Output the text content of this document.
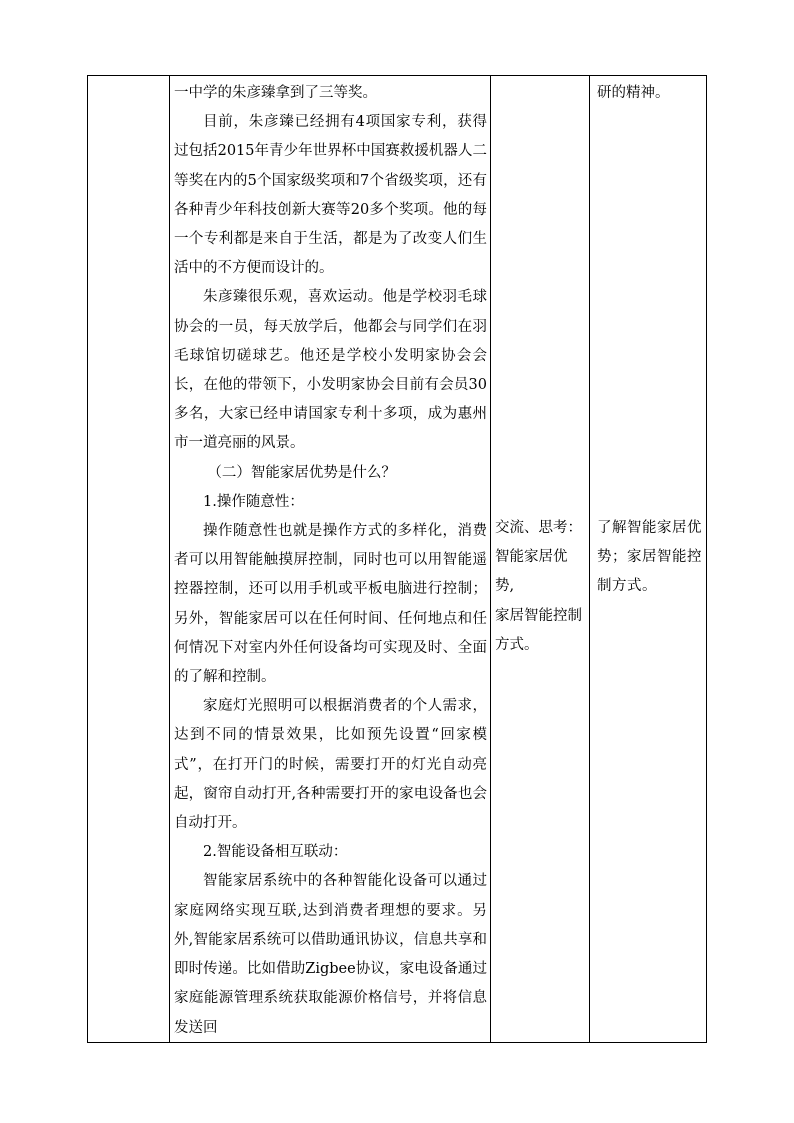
一中学的朱彦臻拿到了三等奖。

目前，朱彦臻已经拥有4项国家专利，获得过包括2015年青少年世界杯中国赛救援机器人二等奖在内的5个国家级奖项和7个省级奖项，还有各种青少年科技创新大赛等20多个奖项。他的每一个专利都是来自于生活，都是为了改变人们生活中的不方便而设计的。

朱彦臻很乐观，喜欢运动。他是学校羽毛球协会的一员，每天放学后，他都会与同学们在羽毛球馆切磋球艺。他还是学校小发明家协会会长，在他的带领下，小发明家协会目前有会员30多名，大家已经申请国家专利十多项，成为惠州市一道亮丽的风景。

（二）智能家居优势是什么？

1.操作随意性：

操作随意性也就是操作方式的多样化，消费者可以用智能触摸屏控制，同时也可以用智能遥控器控制，还可以用手机或平板电脑进行控制；另外，智能家居可以在任何时间、任何地点和任何情况下对室内外任何设备均可实现及时、全面的了解和控制。

家庭灯光照明可以根据消费者的个人需求，达到不同的情景效果，比如预先设置“回家模式”，在打开门的时候，需要打开的灯光自动亮起，窗帘自动打开,各种需要打开的家电设备也会自动打开。

2.智能设备相互联动：

智能家居系统中的各种智能化设备可以通过家庭网络实现互联,达到消费者理想的要求。另外,智能家居系统可以借助通讯协议，信息共享和即时传递。比如借助Zigbee协议，家电设备通过家庭能源管理系统获取能源价格信号，并将信息发送回

交流、思考：

智能家居优势,

家居智能控制

方式。

研的精神。

了解智能家居优

势；家居智能控

制方式。
